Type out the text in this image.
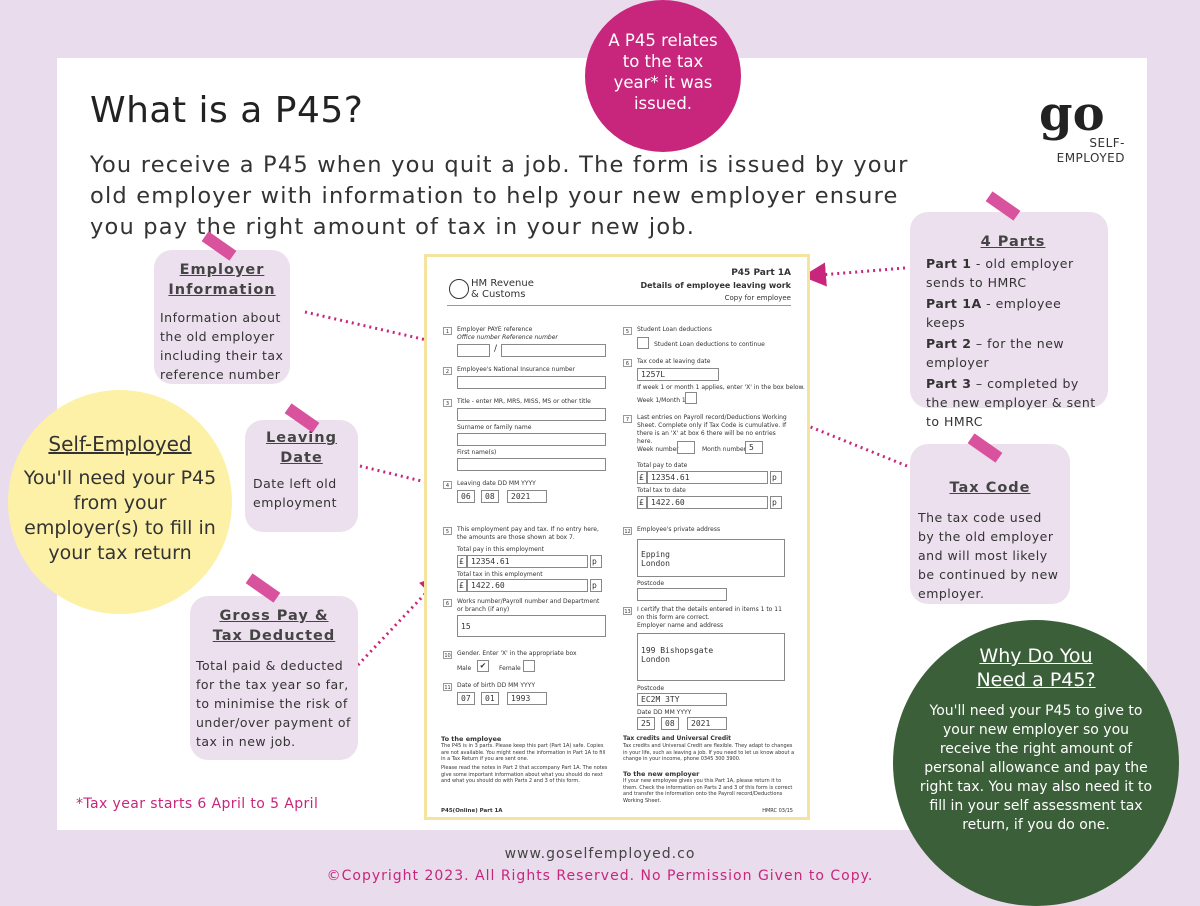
What is a P45?
You receive a P45 when you quit a job. The form is issued by your old employer with information to help your new employer ensure you pay the right amount of tax in your new job.
go
SELF-
EMPLOYED
A P45 relates to the tax year* it was issued.
Employer
Information
Information about the old employer including their tax reference number
Leaving
Date
Date left old employment
Gross Pay &
Tax Deducted
Total paid & deducted for the tax year so far, to minimise the risk of under/over payment of tax in new job.
4 Parts
Part 1 - old employer sends to HMRC
Part 1A - employee keeps
Part 2 – for the new employer
Part 3 – completed by the new employer & sent to HMRC
Tax Code
The tax code used by the old employer and will most likely be continued by new employer.
Self-Employed
You'll need your P45 from your employer(s) to fill in your tax return
Why Do You
Need a P45?
You'll need your P45 to give to your new employer so you receive the right amount of personal allowance and pay the right tax. You may also need it to fill in your self assessment tax return, if you do one.
*Tax year starts 6 April to 5 April
HM Revenue
& Customs
P45 Part 1A
Details of employee leaving work
Copy for employee
1	Employer PAYE reference
Office number Reference number
/
2	Employee's National Insurance number
3	Title - enter MR, MRS, MISS, MS or other title
Surname or family name
First name(s)
4	Leaving date DD MM YYYY
06	08	2021
5	This employment pay and tax. If no entry here, the amounts are those shown at box 7.
Total pay in this employment
£ 12354.61	p
Total tax in this employment
£ 1422.60	p
6	Works number/Payroll number and Department or branch (if any)
15
10 Gender. Enter 'X' in the appropriate box
Male	✔	Female
11 Date of birth DD MM YYYY
07	01	1993
5	Student Loan deductions
Student Loan deductions to continue
6	Tax code at leaving date
1257L
If week 1 or month 1 applies, enter 'X' in the box below.
Week 1/Month 1
7	Last entries on Payroll record/Deductions Working Sheet. Complete only if Tax Code is cumulative. If there is an 'X' at box 6 there will be no entries here.
Week number	Month number 5
Total pay to date
£ 12354.61	p
Total tax to date
£ 1422.60	p
12 Employee's private address
Epping
London
Postcode
13 I certify that the details entered in items 1 to 11 on this form are correct.
Employer name and address
199 Bishopsgate
London
Postcode
EC2M 3TY
Date DD MM YYYY
25	08	2021
To the employee
The P45 is in 3 parts. Please keep this part (Part 1A) safe. Copies are not available. You might need the information in Part 1A to fill in a Tax Return if you are sent one.
Please read the notes in Part 2 that accompany Part 1A. The notes give some important information about what you should do next and what you should do with Parts 2 and 3 of this form.
Tax credits and Universal Credit
Tax credits and Universal Credit are flexible. They adapt to changes in your life, such as leaving a job. If you need to let us know about a change in your income, phone 0345 300 3900.
To the new employer
If your new employee gives you this Part 1A, please return it to them. Check the information on Parts 2 and 3 of this form is correct and transfer the information onto the Payroll record/Deductions Working Sheet.
P45(Online) Part 1A	HMRC 03/15
www.goselfemployed.co
©Copyright 2023. All Rights Reserved. No Permission Given to Copy.
